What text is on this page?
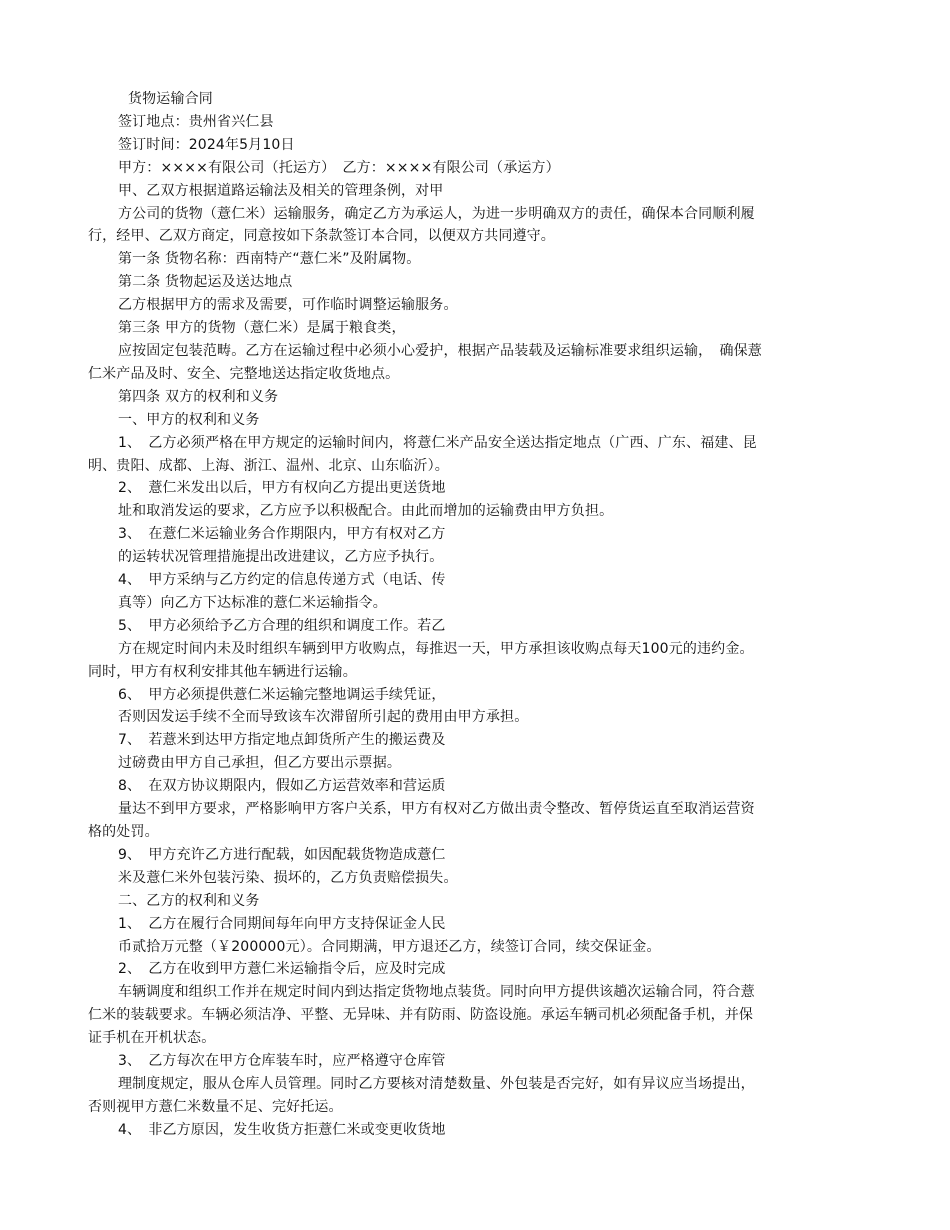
货物运输合同

签订地点：贵州省兴仁县

签订时间：2024年5月10日

甲方：××××有限公司（托运方）　乙方：××××有限公司（承运方）

甲、乙双方根据道路运输法及相关的管理条例，对甲

方公司的货物（薏仁米）运输服务，确定乙方为承运人，为进一步明确双方的责任，确保本合同顺利履

行，经甲、乙双方商定，同意按如下条款签订本合同，以便双方共同遵守。

第一条 货物名称：西南特产“薏仁米”及附属物。

第二条 货物起运及送达地点

乙方根据甲方的需求及需要，可作临时调整运输服务。

第三条 甲方的货物（薏仁米）是属于粮食类，

应按固定包装范畴。乙方在运输过程中必须小心爱护，根据产品装载及运输标准要求组织运输，　确保薏

仁米产品及时、安全、完整地送达指定收货地点。

第四条 双方的权利和义务

一、甲方的权利和义务

1、　乙方必须严格在甲方规定的运输时间内，将薏仁米产品安全送达指定地点（广西、广东、福建、昆

明、贵阳、成都、上海、浙江、温州、北京、山东临沂）。

2、　薏仁米发出以后，甲方有权向乙方提出更送货地

址和取消发运的要求，乙方应予以积极配合。由此而增加的运输费由甲方负担。

3、　在薏仁米运输业务合作期限内，甲方有权对乙方

的运转状况管理措施提出改进建议，乙方应予执行。

4、　甲方采纳与乙方约定的信息传递方式（电话、传

真等）向乙方下达标准的薏仁米运输指令。

5、　甲方必须给予乙方合理的组织和调度工作。若乙

方在规定时间内未及时组织车辆到甲方收购点，每推迟一天，甲方承担该收购点每天100元的违约金。

同时，甲方有权利安排其他车辆进行运输。

6、　甲方必须提供薏仁米运输完整地调运手续凭证，

否则因发运手续不全而导致该车次滞留所引起的费用由甲方承担。

7、　若薏米到达甲方指定地点卸货所产生的搬运费及

过磅费由甲方自己承担，但乙方要出示票据。

8、　在双方协议期限内，假如乙方运营效率和营运质

量达不到甲方要求，严格影响甲方客户关系，甲方有权对乙方做出责令整改、暂停货运直至取消运营资

格的处罚。

9、　甲方充许乙方进行配载，如因配载货物造成薏仁

米及薏仁米外包装污染、损坏的，乙方负责赔偿损失。

二、乙方的权利和义务

1、　乙方在履行合同期间每年向甲方支持保证金人民

币贰拾万元整（￥200000元）。合同期满，甲方退还乙方，续签订合同，续交保证金。

2、　乙方在收到甲方薏仁米运输指令后，应及时完成

车辆调度和组织工作并在规定时间内到达指定货物地点装货。同时向甲方提供该趟次运输合同，符合薏

仁米的装载要求。车辆必须洁净、平整、无异味、并有防雨、防盗设施。承运车辆司机必须配备手机，并保

证手机在开机状态。

3、　乙方每次在甲方仓库装车时，应严格遵守仓库管

理制度规定，服从仓库人员管理。同时乙方要核对清楚数量、外包装是否完好，如有异议应当场提出，

否则视甲方薏仁米数量不足、完好托运。

4、　非乙方原因，发生收货方拒薏仁米或变更收货地
